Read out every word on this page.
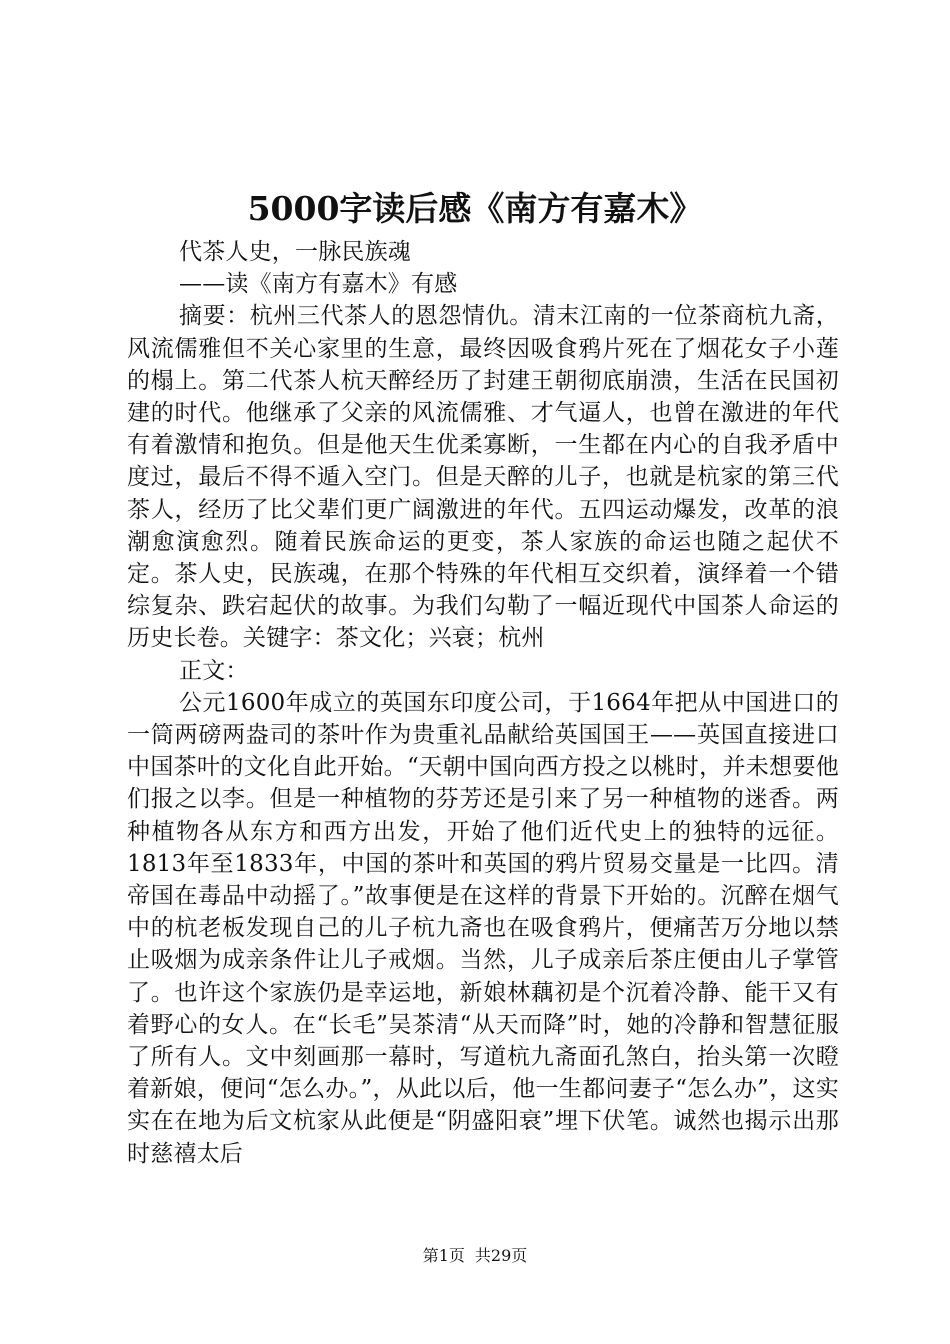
5000字读后感《南方有嘉木》

代茶人史，一脉民族魂

——读《南方有嘉木》有感

摘要：杭州三代茶人的恩怨情仇。清末江南的一位茶商杭九斋，风流儒雅但不关心家里的生意，最终因吸食鸦片死在了烟花女子小莲的榻上。第二代茶人杭天醉经历了封建王朝彻底崩溃，生活在民国初建的时代。他继承了父亲的风流儒雅、才气逼人，也曾在激进的年代有着激情和抱负。但是他天生优柔寡断，一生都在内心的自我矛盾中度过，最后不得不遁入空门。但是天醉的儿子，也就是杭家的第三代茶人，经历了比父辈们更广阔激进的年代。五四运动爆发，改革的浪潮愈演愈烈。随着民族命运的更变，茶人家族的命运也随之起伏不定。茶人史，民族魂，在那个特殊的年代相互交织着，演绎着一个错综复杂、跌宕起伏的故事。为我们勾勒了一幅近现代中国茶人命运的历史长卷。关键字：茶文化；兴衰；杭州

正文：

公元1600年成立的英国东印度公司，于1664年把从中国进口的一筒两磅两盎司的茶叶作为贵重礼品献给英国国王——英国直接进口中国茶叶的文化自此开始。“天朝中国向西方投之以桃时，并未想要他们报之以李。但是一种植物的芬芳还是引来了另一种植物的迷香。两种植物各从东方和西方出发，开始了他们近代史上的独特的远征。1813年至1833年，中国的茶叶和英国的鸦片贸易交量是一比四。清帝国在毒品中动摇了。”故事便是在这样的背景下开始的。沉醉在烟气中的杭老板发现自己的儿子杭九斋也在吸食鸦片，便痛苦万分地以禁止吸烟为成亲条件让儿子戒烟。当然，儿子成亲后茶庄便由儿子掌管了。也许这个家族仍是幸运地，新娘林藕初是个沉着冷静、能干又有着野心的女人。在“长毛”吴茶清“从天而降”时，她的冷静和智慧征服了所有人。文中刻画那一幕时，写道杭九斋面孔煞白，抬头第一次瞪着新娘，便问“怎么办。”，从此以后，他一生都问妻子“怎么办”，这实实在在地为后文杭家从此便是“阴盛阳衰”埋下伏笔。诚然也揭示出那时慈禧太后

第1页 共29页
